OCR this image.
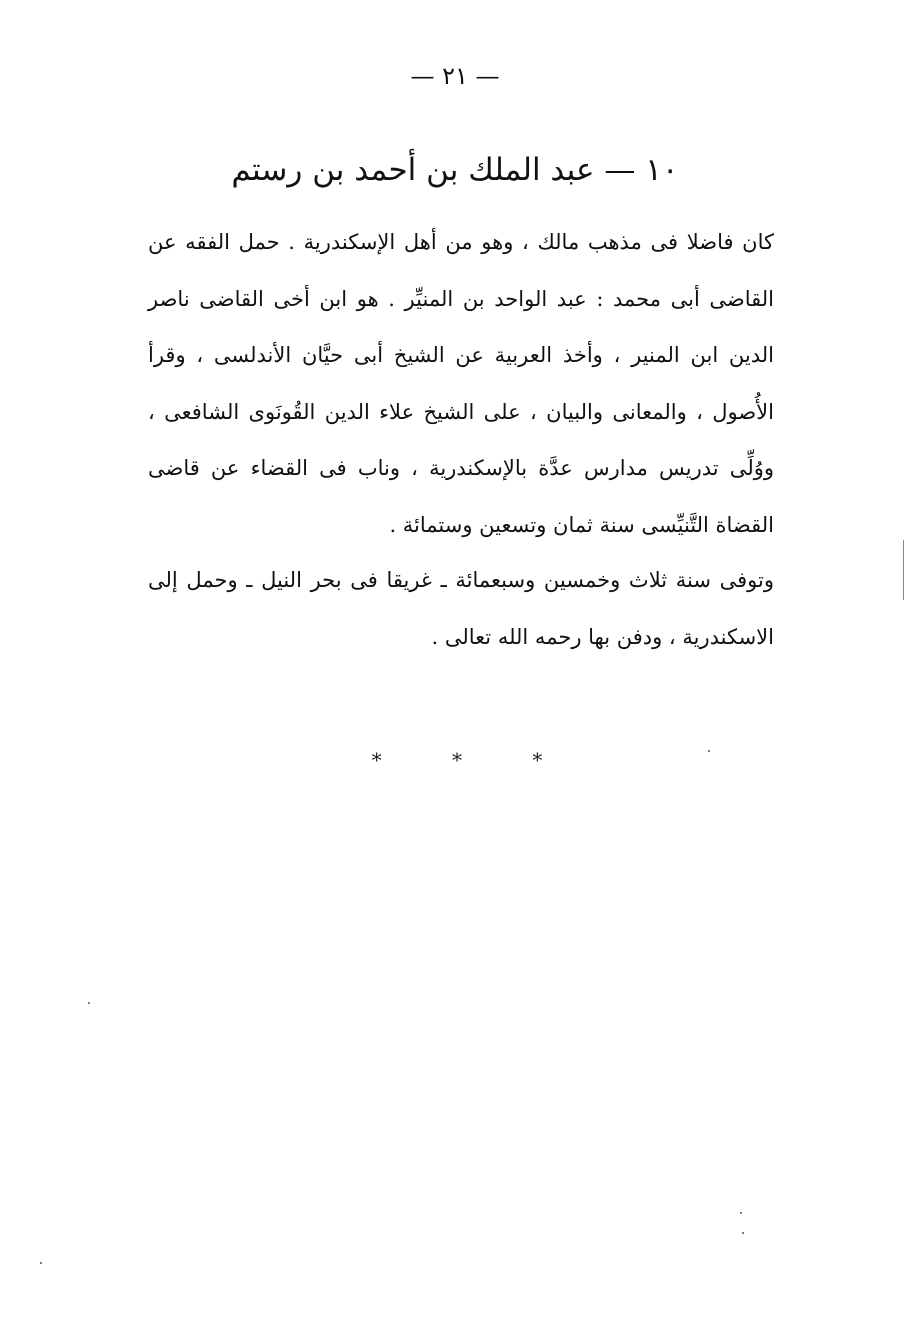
— ٢١ —
١٠ — عبد الملك بن أحمد بن رستم

كان فاضلا فى مذهب مالك ، وهو من أهل الإسكندرية . حمل الفقه عن القاضى أبى محمد : عبد الواحد بن المنيِّر . هو ابن أخى القاضى ناصر الدين ابن المنير ، وأخذ العربية عن الشيخ أبى حيَّان الأندلسى ، وقرأ الأُصول ، والمعانى والبيان ، على الشيخ علاء الدين القُونَوى الشافعى ، ووُلِّى تدريس مدارس عدَّة بالإسكندرية ، وناب فى القضاء عن قاضى القضاة التَّنيِّسى سنة ثمان وتسعين وستمائة .

وتوفى سنة ثلاث وخمسين وسبعمائة ـ غريقا فى بحر النيل ـ وحمل إلى الاسكندرية ، ودفن بها رحمه الله تعالى .

* * *
